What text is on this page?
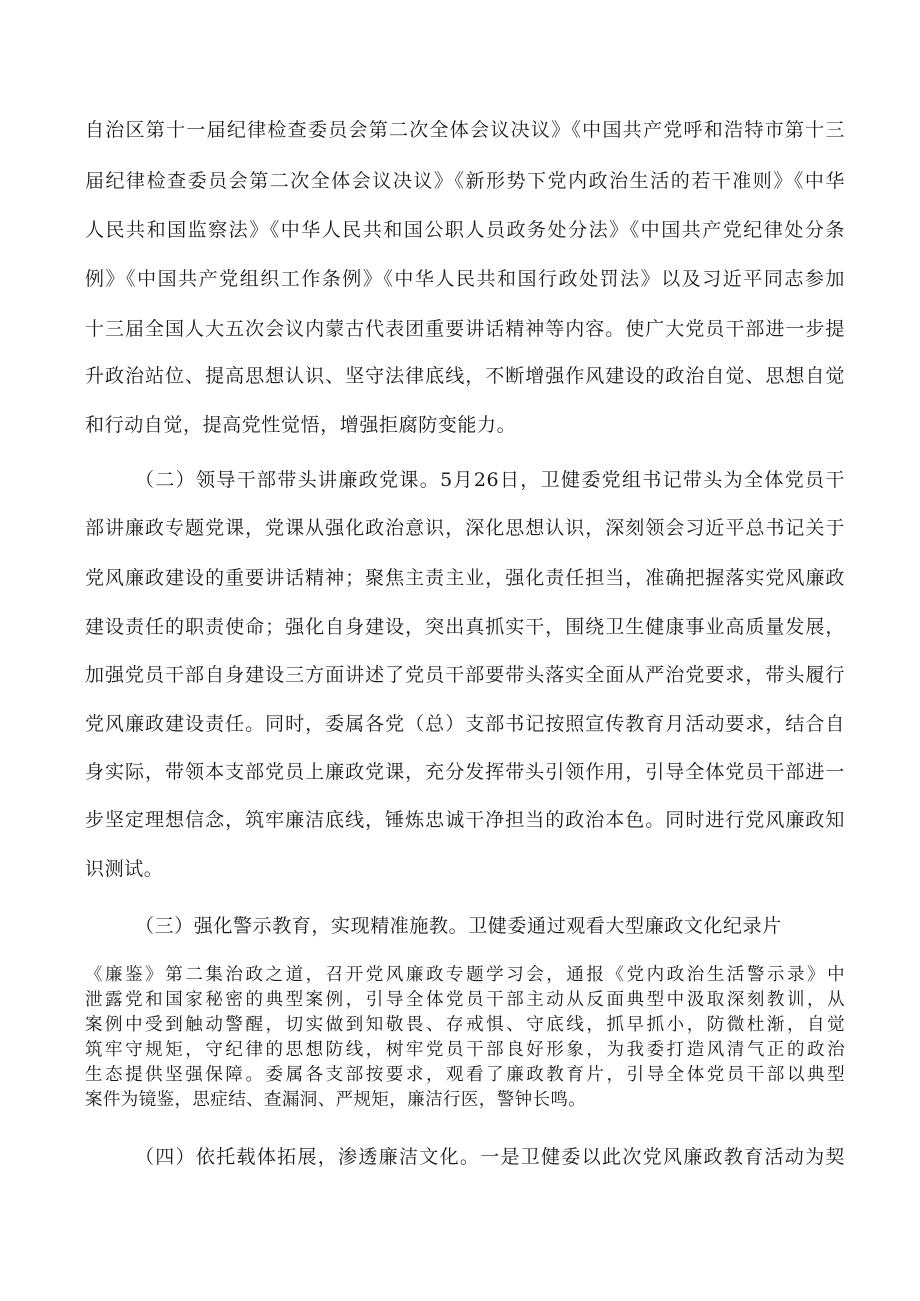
自治区第十一届纪律检查委员会第二次全体会议决议》《中国共产党呼和浩特市第十三
届纪律检查委员会第二次全体会议决议》《新形势下党内政治生活的若干准则》《中华
人民共和国监察法》《中华人民共和国公职人员政务处分法》《中国共产党纪律处分条
例》《中国共产党组织工作条例》《中华人民共和国行政处罚法》以及习近平同志参加
十三届全国人大五次会议内蒙古代表团重要讲话精神等内容。使广大党员干部进一步提
升政治站位、提高思想认识、坚守法律底线，不断增强作风建设的政治自觉、思想自觉
和行动自觉，提高党性觉悟，增强拒腐防变能力。
（二）领导干部带头讲廉政党课。5月26日，卫健委党组书记带头为全体党员干
部讲廉政专题党课，党课从强化政治意识，深化思想认识，深刻领会习近平总书记关于
党风廉政建设的重要讲话精神；聚焦主责主业，强化责任担当，准确把握落实党风廉政
建设责任的职责使命；强化自身建设，突出真抓实干，围绕卫生健康事业高质量发展，
加强党员干部自身建设三方面讲述了党员干部要带头落实全面从严治党要求，带头履行
党风廉政建设责任。同时，委属各党（总）支部书记按照宣传教育月活动要求，结合自
身实际，带领本支部党员上廉政党课，充分发挥带头引领作用，引导全体党员干部进一
步坚定理想信念，筑牢廉洁底线，锤炼忠诚干净担当的政治本色。同时进行党风廉政知
识测试。
（三）强化警示教育，实现精准施教。卫健委通过观看大型廉政文化纪录片
《廉鉴》第二集治政之道，召开党风廉政专题学习会，通报《党内政治生活警示录》中
泄露党和国家秘密的典型案例，引导全体党员干部主动从反面典型中汲取深刻教训，从
案例中受到触动警醒，切实做到知敬畏、存戒惧、守底线，抓早抓小，防微杜渐，自觉
筑牢守规矩，守纪律的思想防线，树牢党员干部良好形象，为我委打造风清气正的政治
生态提供坚强保障。委属各支部按要求，观看了廉政教育片，引导全体党员干部以典型
案件为镜鉴，思症结、查漏洞、严规矩，廉洁行医，警钟长鸣。
（四）依托载体拓展，渗透廉洁文化。一是卫健委以此次党风廉政教育活动为契
